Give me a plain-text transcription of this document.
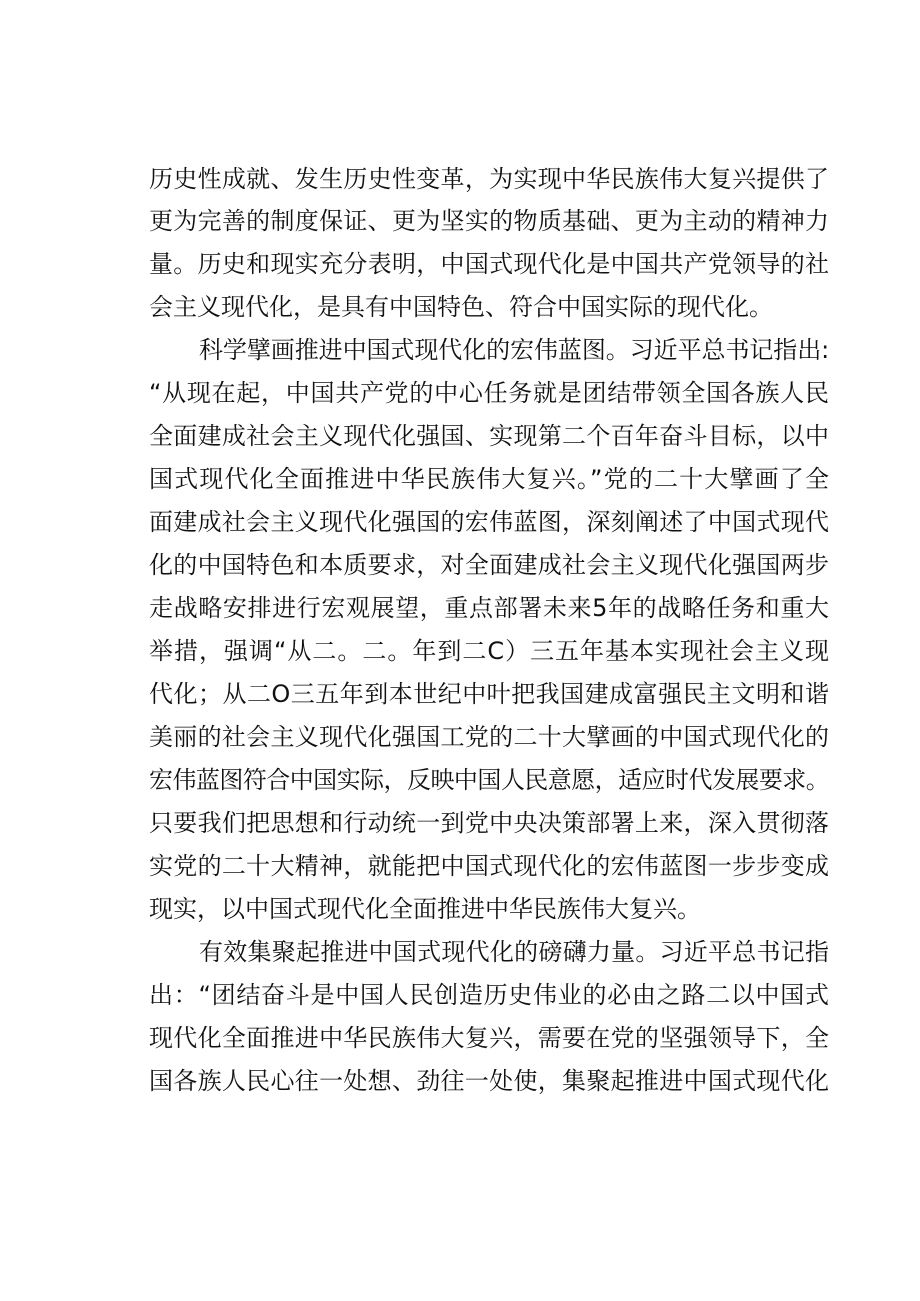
历史性成就、发生历史性变革，为实现中华民族伟大复兴提供了
更为完善的制度保证、更为坚实的物质基础、更为主动的精神力
量。历史和现实充分表明，中国式现代化是中国共产党领导的社
会主义现代化，是具有中国特色、符合中国实际的现代化。
科学擘画推进中国式现代化的宏伟蓝图。习近平总书记指出:
“从现在起，中国共产党的中心任务就是团结带领全国各族人民
全面建成社会主义现代化强国、实现第二个百年奋斗目标，以中
国式现代化全面推进中华民族伟大复兴。”党的二十大擘画了全
面建成社会主义现代化强国的宏伟蓝图，深刻阐述了中国式现代
化的中国特色和本质要求，对全面建成社会主义现代化强国两步
走战略安排进行宏观展望，重点部署未来5年的战略任务和重大
举措，强调“从二。二。年到二C）三五年基本实现社会主义现
代化；从二O三五年到本世纪中叶把我国建成富强民主文明和谐
美丽的社会主义现代化强国工党的二十大擘画的中国式现代化的
宏伟蓝图符合中国实际，反映中国人民意愿，适应时代发展要求。
只要我们把思想和行动统一到党中央决策部署上来，深入贯彻落
实党的二十大精神，就能把中国式现代化的宏伟蓝图一步步变成
现实，以中国式现代化全面推进中华民族伟大复兴。
有效集聚起推进中国式现代化的磅礴力量。习近平总书记指
出：“团结奋斗是中国人民创造历史伟业的必由之路二以中国式
现代化全面推进中华民族伟大复兴，需要在党的坚强领导下，全
国各族人民心往一处想、劲往一处使，集聚起推进中国式现代化
